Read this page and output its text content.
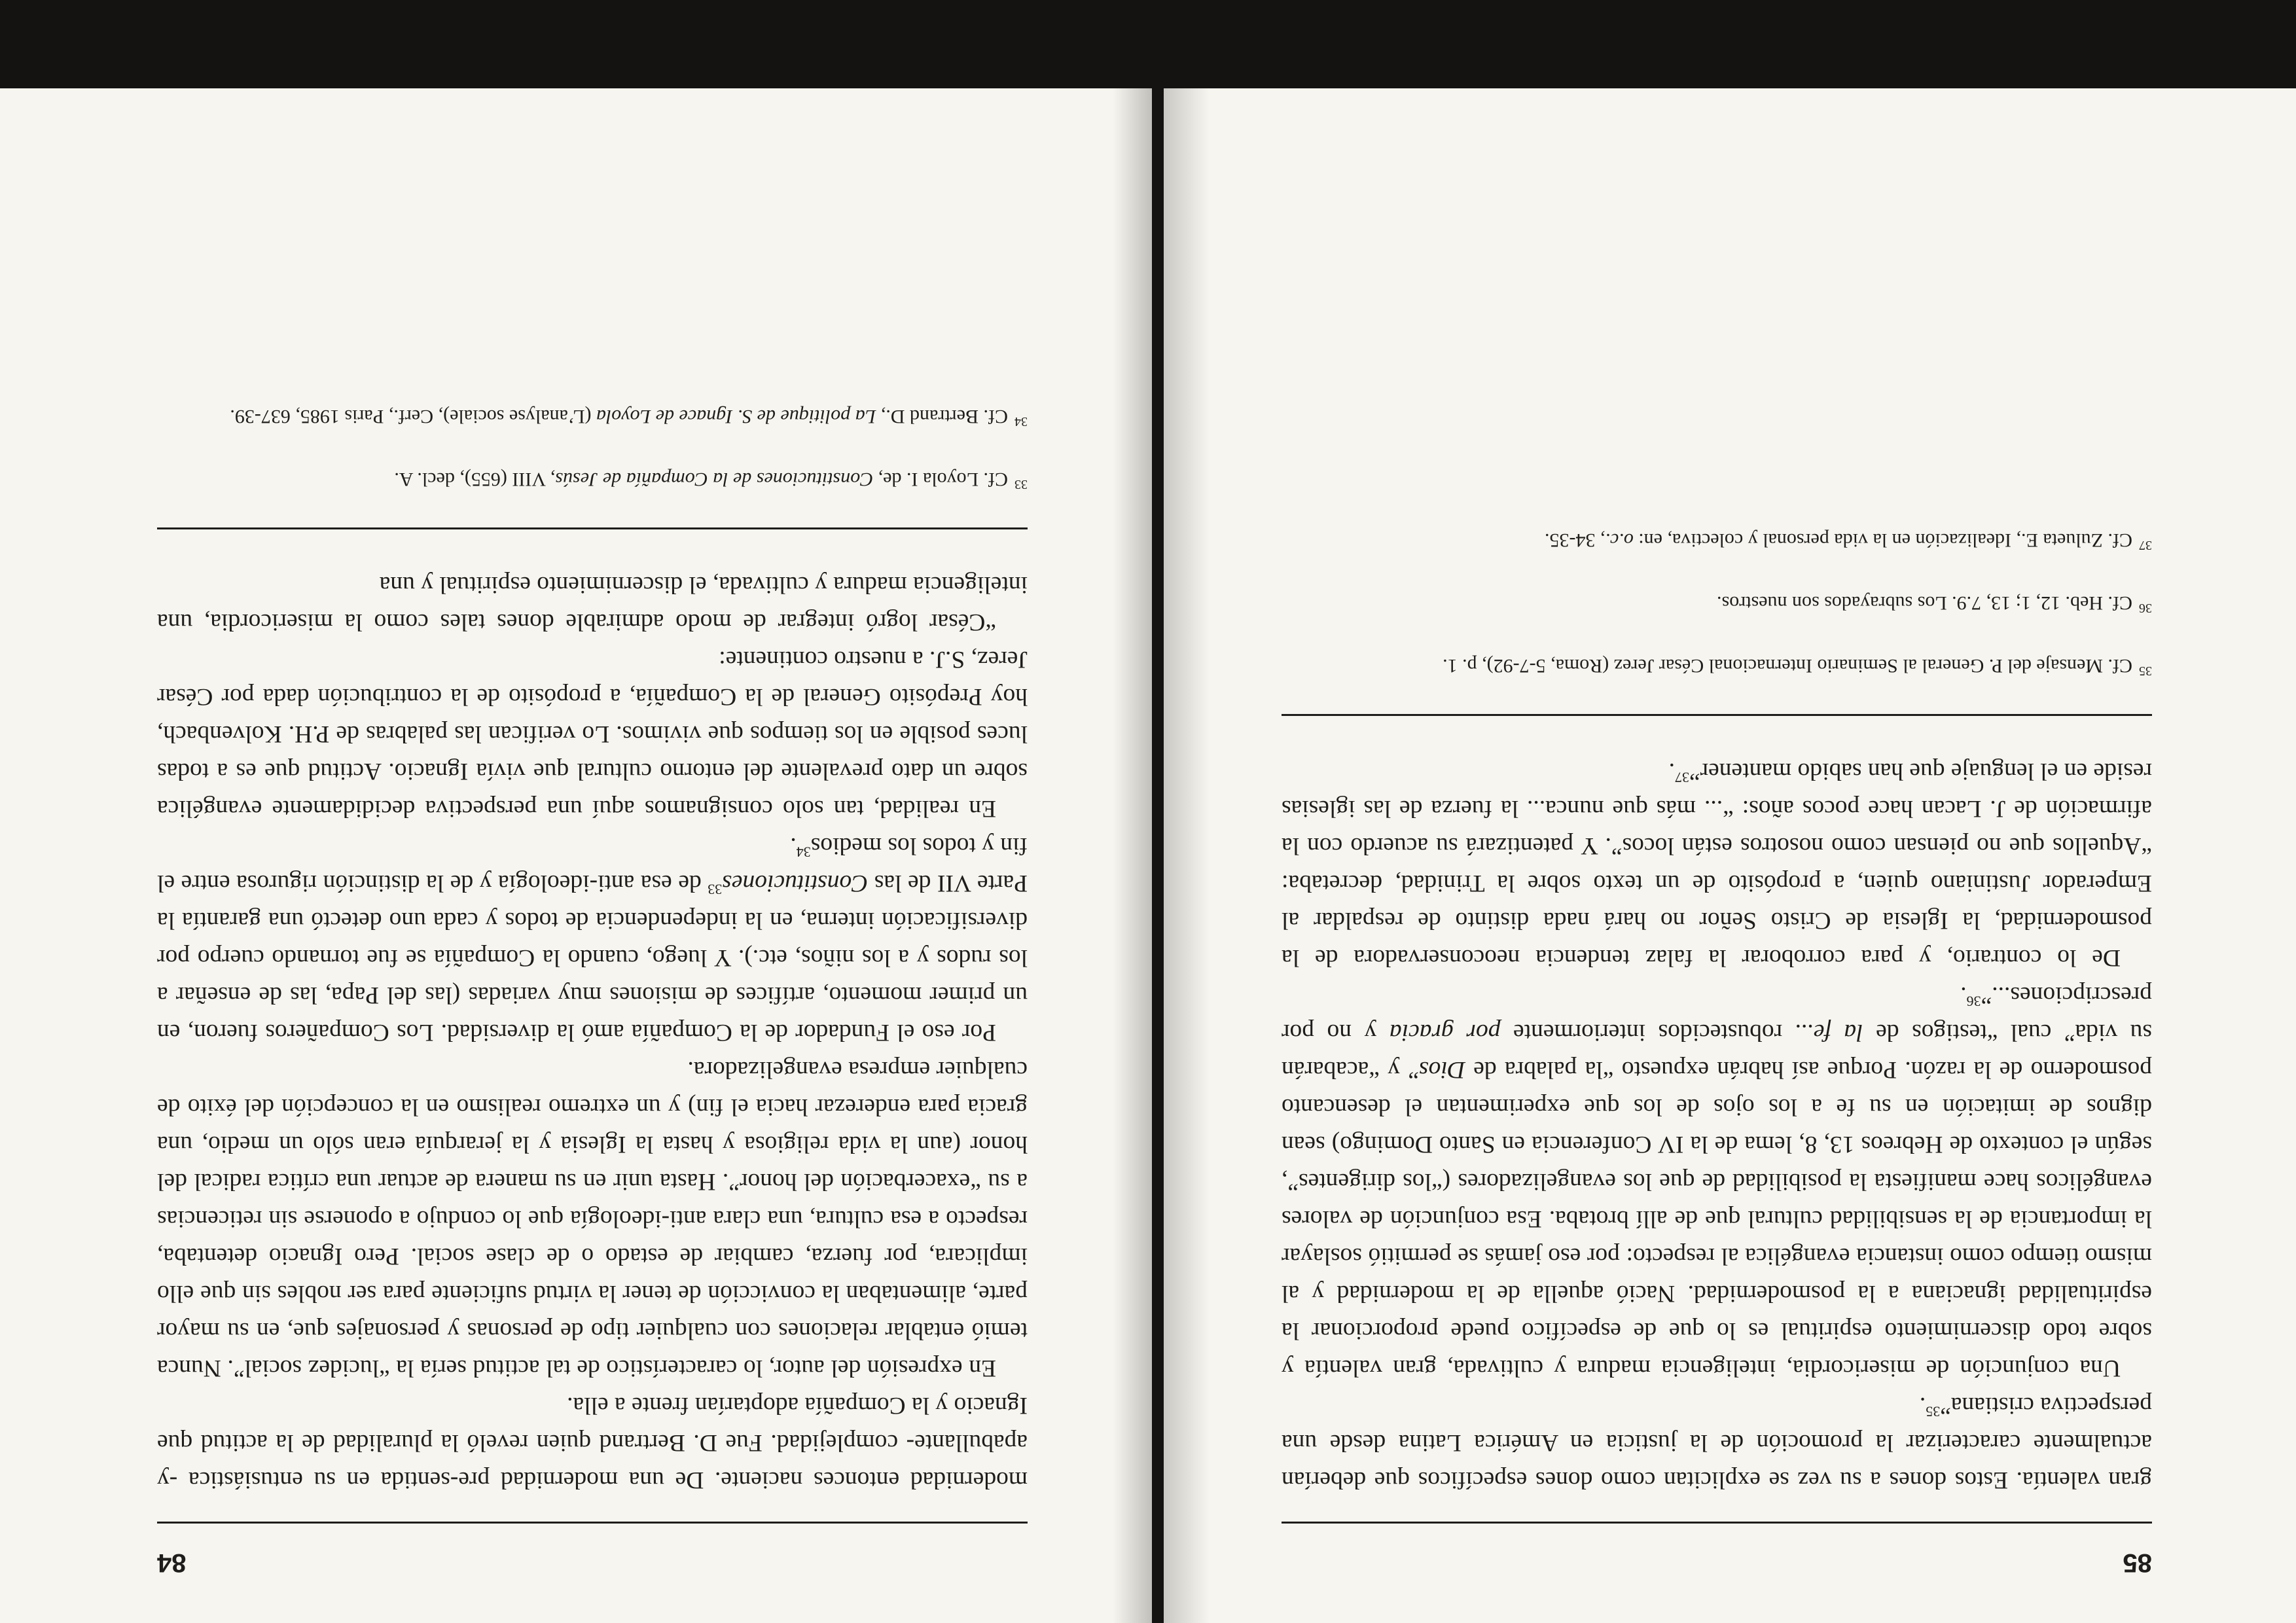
84

modernidad entonces naciente. De una modernidad pre-sentida en su entusiástica -y apabullante- complejidad. Fue D. Bertrand quien reveló la pluralidad de la actitud que Ignacio y la Compañía adoptarían frente a ella.

En expresión del autor, lo característico de tal actitud sería la “lucidez social”. Nunca temió entablar relaciones con cualquier tipo de personas y personajes que, en su mayor parte, alimentaban la convicción de tener la virtud suficiente para ser nobles sin que ello implicara, por fuerza, cambiar de estado o de clase social. Pero Ignacio detentaba, respecto a esa cultura, una clara anti-ideología que lo condujo a oponerse sin reticencias a su “exacerbación del honor”. Hasta unir en su manera de actuar una crítica radical del honor (aun la vida religiosa y hasta la Iglesia y la jerarquía eran sólo un medio, una gracia para enderezar hacia el fin) y un extremo realismo en la concepción del éxito de cualquier empresa evangelizadora.

Por eso el Fundador de la Compañía amó la diversidad. Los Compañeros fueron, en un primer momento, artífices de misiones muy variadas (las del Papa, las de enseñar a los rudos y a los niños, etc.). Y luego, cuando la Compañía se fue tornando cuerpo por diversificación interna, en la independencia de todos y cada uno detectó una garantía la Parte VII de las Constituciones$^{33}$ de esa anti-ideología y de la distinción rigurosa entre el fin y todos los medios$^{34}$.

En realidad, tan solo consignamos aquí una perspectiva decididamente evangélica sobre un dato prevalente del entorno cultural que vivía Ignacio. Actitud que es a todas luces posible en los tiempos que vivimos. Lo verifican las palabras de P.H. Kolvenbach, hoy Prepósito General de la Compañía, a propósito de la contribución dada por César Jerez, S.J. a nuestro continente:

“César logró integrar de modo admirable dones tales como la misericordia, una inteligencia madura y cultivada, el discernimiento espiritual y una

$^{33}$Cf. Loyola I. de, Constituciones de la Compañía de Jesús, VIII (655), decl. A.

$^{34}$Cf. Bertrand D., La politique de S. Ignace de Loyola (L’analyse sociale), Cerf., Paris 1985, 637-39.

85

gran valentía. Estos dones a su vez se explicitan como dones específicos que deberían actualmente caracterizar la promoción de la justicia en América Latina desde una perspectiva cristiana”$^{35}$.

Una conjunción de misericordia, inteligencia madura y cultivada, gran valentía y sobre todo discernimiento espiritual es lo que de específico puede proporcionar la espiritualidad ignaciana a la posmodernidad. Nació aquella de la modernidad y al mismo tiempo como instancia evangélica al respecto: por eso jamás se permitió soslayar la importancia de la sensibilidad cultural que de allí brotaba. Esa conjunción de valores evangélicos hace manifiesta la posibilidad de que los evangelizadores (“los dirigentes”, según el contexto de Hebreos 13, 8, lema de la IV Conferencia en Santo Domingo) sean dignos de imitación en su fe a los ojos de los que experimentan el desencanto posmoderno de la razón. Porque así habrán expuesto “la palabra de Dios” y “acabarán su vida” cual “testigos de la fe... robustecidos interiormente por gracia y no por prescripciones...”$^{36}$.

De lo contrario, y para corroborar la falaz tendencia neoconservadora de la posmodernidad, la Iglesia de Cristo Señor no hará nada distinto de respaldar al Emperador Justiniano quien, a propósito de un texto sobre la Trinidad, decretaba: “Aquellos que no piensan como nosotros están locos”. Y patentizará su acuerdo con la afirmación de J. Lacan hace pocos años: “... más que nunca... la fuerza de las iglesias reside en el lenguaje que han sabido mantener”$^{37}$.

$^{35}$Cf. Mensaje del P. General al Seminario Internacional César Jerez (Roma, 5-7-92), p. 1.

$^{36}$Cf. Heb. 12, 1; 13, 7.9. Los subrayados son nuestros.

$^{37}$Cf. Zulueta E., Idealización en la vida personal y colectiva, en: o.c., 34-35.
